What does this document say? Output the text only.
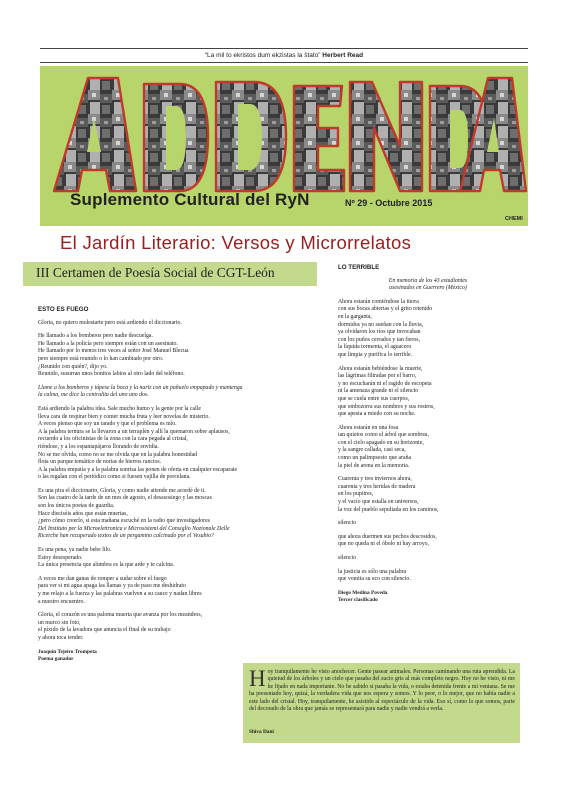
“La mil to ekristos dum ekzistas la ŝtato” Herbert Read
Suplemento Cultural del RyN	Nº 29 - Octubre 2015
CHEMI
El Jardín Literario: Versos y Microrrelatos
III Certamen de Poesía Social de CGT-León

ESTO ES FUEGO

Gloria, no quiero molestarte pero está ardiendo el diccionario.

He llamado a los bomberos pero nadie descuelga.
He llamado a la policía pero siempre están con un asesinato.
He llamado por lo menos tres veces al señor José Manuel Blecua
pero siempre está reunido o lo han cambiado por otro.
¿Reunido con quién?, dijo yo.
Reunido, susurran unos bonitos labios al otro lado del teléfono.

Llame a los bomberos y tápese la boca y la nariz con un pañuelo empapado y mantenga
la calma, me dice la centralita del uno uno dos.

Está ardiendo la palabra idea. Sale mucho humo y la gente por la calle
lleva cara de respirar bien y comer mucha fruta y leer novelas de misterio.
A veces pienso que soy un tarado y que el problema es mío.
A la palabra ternura se la llevaron a un terraplén y allí la quemaron sobre aplausos,
recuerdo a los oficinistas de la zona con la cara pegada al cristal,
riéndose, y a los espantapájaros llorando de envidia.
No se me olvida, como no se me olvida que en la palabra honestidad
flota un parque temático de norias de hierros rancios.
A la palabra empatía y a la palabra sonrisa las ponen de oferta en cualquier escaparate
o las regalan con el periódico como si fuesen vajilla de porcelana.

Es una pira el diccionario, Gloria, y como nadie atiende me acordé de ti.
Son las cuatro de la tarde de un mes de agosto, el desasosiego y las moscas
son los únicos poetas de guardia.
Hace dieciséis años que están muertas,
¿pero cómo creerlo, si esta mañana escuché en la radio que investigadores
Del Instituto per la Microelettronica e Microsistemi del Consiglio Nazionale Delle
Ricerche han recuperado textos de un pergamino calcinado por el Vesubio?

Es una pena, ya nadie bebe lilo.
Estoy desesperado.
La única presencia que alumbra es la que arde y te calcina.

A veces me dan ganas de romper a sudar sobre el fuego
para ver si mi agua apaga las llamas y ya de paso me deshidrato
y me relajo a la fuerza y las palabras vuelven a su cauce y nadan libres
a nuestro encuentro.

Gloria, el corazón es una paloma muerta que avanza por los meandros,
un murco sin foto,
el píxido de la lavadora que anuncia el final de su trabajo
y ahora toca tender.

Joaquín Tejeiro Trompeta
Poema ganador

LO TERRIBLE

En memoria de los 43 estudiantes
asesinados en Guerrero (México)

Ahora estarán comiéndose la tierra
con sus bocas abiertas y el grito retenido
en la garganta,
dormidos ya no sueñan con la lluvia,
ya olvidaron los ríos que invocaban
con los puños cerrados y tan fieros,
la líquida tormenta, el aguacero
que limpia y purifica lo terrible.

Ahora estarán bebiéndose la muerte,
las lágrimas filtradas por el barro,
y no escucharán ni el ragido de escopeta
ni la amenaza grande ni el silencio
que se cuela entre sus cuerpos,
que embozorra sus nombres y sus rostros,
que apesta a miedo con su noche.

Ahora estarán en una fosa
tan quietos como el árbol que sombrea,
con el cielo apagado en su horizonte,
y la sangre callada, casi seca,
como un palimpsesto que araña
la piel de arena en la memoria.

Cuarenta y tres inviernos ahora,
cuarenta y tres heridas de madera
en los pupitres,
y el vacío que estalla en universos,
la voz del pueblo sepultada en los caminos,

silencio

que ahora duermen sus pechos descosidos,
que no queda ni el óbolo ni hay arroyo,

silencio

la justicia es sólo una palabra
que vomita su eco con silencio.

Diego Medina Poveda
Tercer clasificado

Hoy tranquilamente he visto anochecer. Gente pasear animales. Personas caminando una ruta aprendida. La quietud de los árboles y un cielo que pasaba del sucio gris al más completo negro. Hoy no he visto, ni me he fijado en nada importante. No he sabido si pasaba la vida, o estaba detenida frente a mi ventana. Se me ha presentado hoy, quizá, la verdadera vida que nos espera y somos. Y lo peor, o lo mejor, que no había nadie a este lado del cristal. Hoy, tranquilamente, he asistido al espectáculo de la vida. Eso sí, como lo que somos, parte del decorado de la obra que jamás se representará para nadie y nadie vendrá a verla.
Shiva Dani
